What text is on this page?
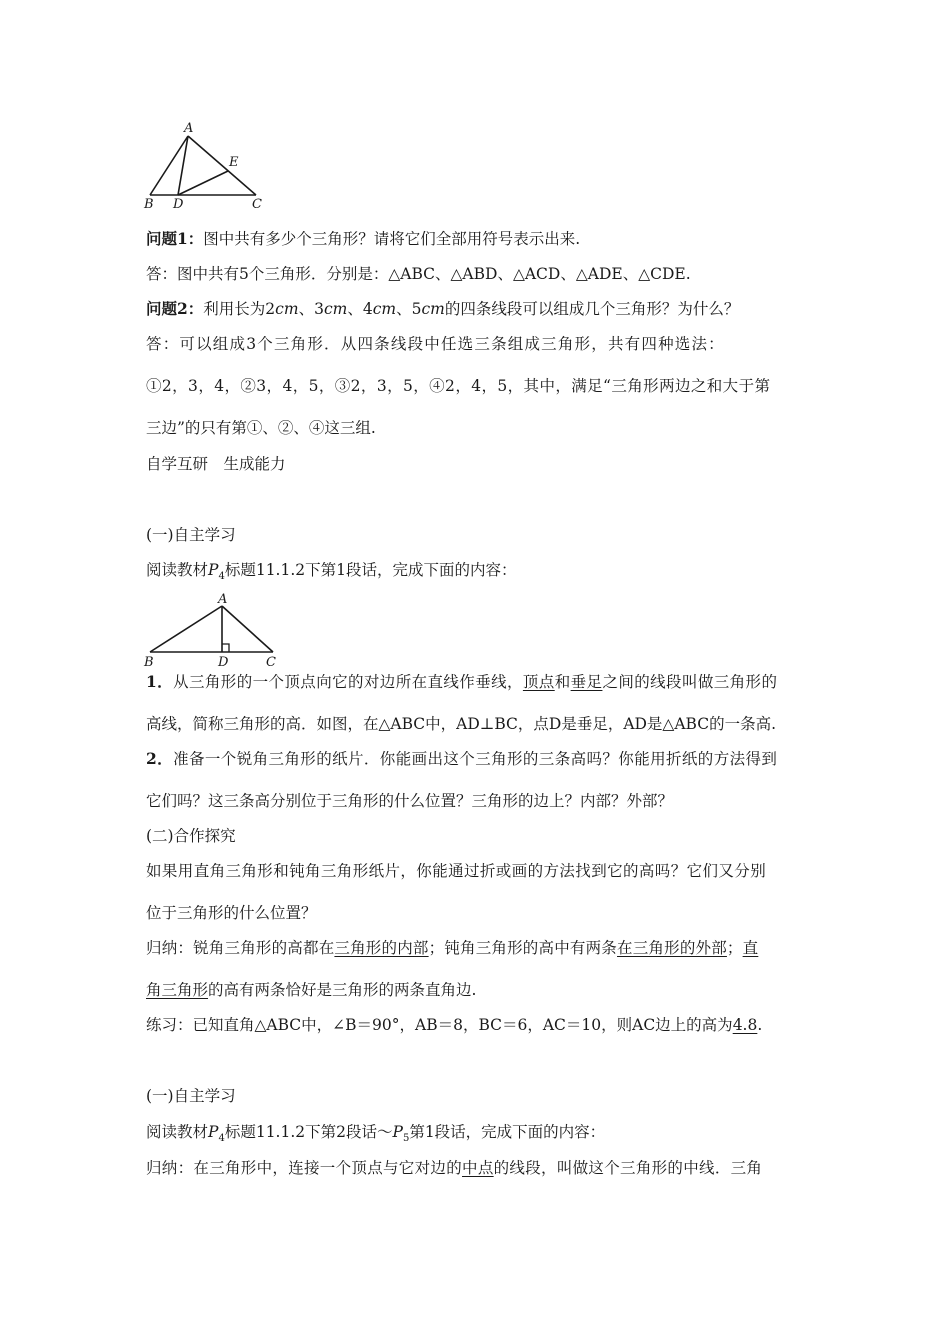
A
E
B D	C
A
B	D	C
问题1：图中共有多少个三角形？请将它们全部用符号表示出来.
答：图中共有5个三角形．分别是：△ABC、△ABD、△ACD、△ADE、△CDE.
问题2：利用长为2cm、3cm、4cm、5cm的四条线段可以组成几个三角形？为什么？
答：可以组成3个三角形．从四条线段中任选三条组成三角形，共有四种选法：
①2，3，4，②3，4，5，③2，3，5，④2，4，5，其中，满足“三角形两边之和大于第
三边”的只有第①、②、④这三组.
自学互研　生成能力
(一)自主学习
阅读教材$P_4$标题11.1.2下第1段话，完成下面的内容：
1．从三角形的一个顶点向它的对边所在直线作垂线，顶点和垂足之间的线段叫做三角形的
高线，简称三角形的高．如图，在△ABC中，AD⊥BC，点D是垂足，AD是△ABC的一条高.
2．准备一个锐角三角形的纸片．你能画出这个三角形的三条高吗？你能用折纸的方法得到
它们吗？这三条高分别位于三角形的什么位置？三角形的边上？内部？外部？
(二)合作探究
如果用直角三角形和钝角三角形纸片，你能通过折或画的方法找到它的高吗？它们又分别
位于三角形的什么位置？
归纳：锐角三角形的高都在三角形的内部；钝角三角形的高中有两条在三角形的外部；直
角三角形的高有两条恰好是三角形的两条直角边.
练习：已知直角△ABC中，∠B＝90°，AB＝8，BC＝6，AC＝10，则AC边上的高为4.8.
(一)自主学习
阅读教材$P_4$标题11.1.2下第2段话$\sim P_5$第1段话，完成下面的内容：
归纳：在三角形中，连接一个顶点与它对边的中点的线段，叫做这个三角形的中线．三角
